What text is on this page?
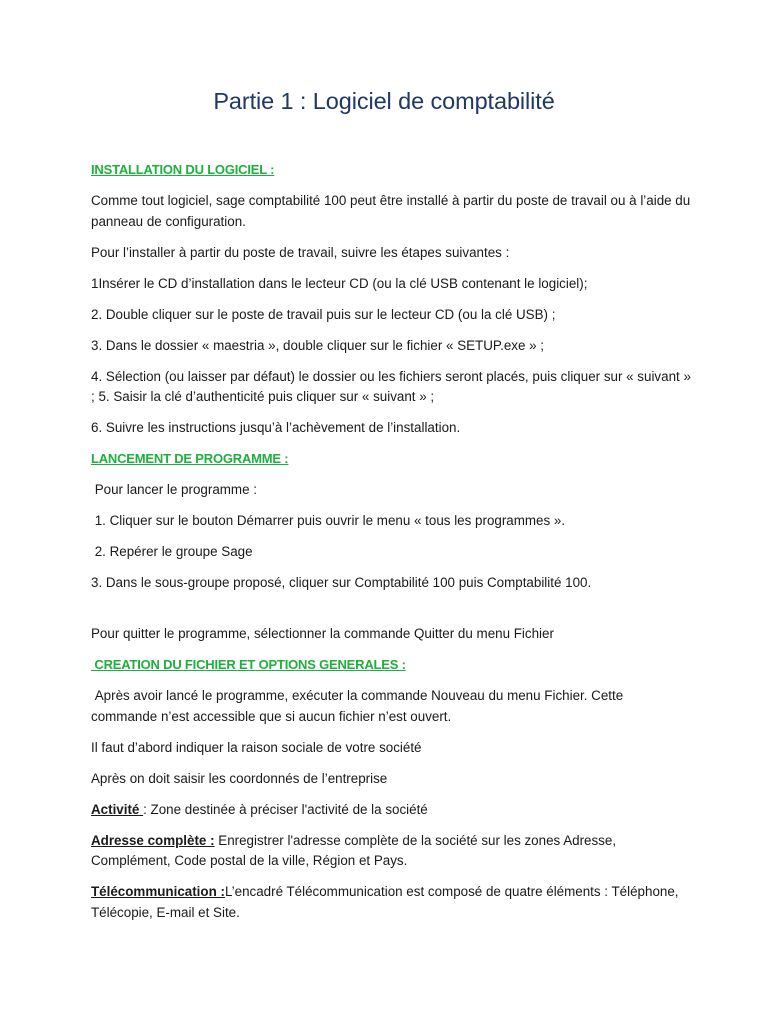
Partie 1 : Logiciel de comptabilité

INSTALLATION DU LOGICIEL :

Comme tout logiciel, sage comptabilité 100 peut être installé à partir du poste de travail ou à l’aide du panneau de configuration.

Pour l’installer à partir du poste de travail, suivre les étapes suivantes :

1Insérer le CD d’installation dans le lecteur CD (ou la clé USB contenant le logiciel);

2. Double cliquer sur le poste de travail puis sur le lecteur CD (ou la clé USB) ;

3. Dans le dossier « maestria », double cliquer sur le fichier « SETUP.exe » ;

4. Sélection (ou laisser par défaut) le dossier ou les fichiers seront placés, puis cliquer sur « suivant » ; 5. Saisir la clé d’authenticité puis cliquer sur « suivant » ;

6. Suivre les instructions jusqu’à l’achèvement de l’installation.

LANCEMENT DE PROGRAMME :

Pour lancer le programme :

1. Cliquer sur le bouton Démarrer puis ouvrir le menu « tous les programmes ».

2. Repérer le groupe Sage

3. Dans le sous-groupe proposé, cliquer sur Comptabilité 100 puis Comptabilité 100.

Pour quitter le programme, sélectionner la commande Quitter du menu Fichier

CREATION DU FICHIER ET OPTIONS GENERALES :

Après avoir lancé le programme, exécuter la commande Nouveau du menu Fichier. Cette commande n’est accessible que si aucun fichier n’est ouvert.

Il faut d’abord indiquer la raison sociale de votre société

Après on doit saisir les coordonnés de l’entreprise

Activité : Zone destinée à préciser l'activité de la société

Adresse complète : Enregistrer l'adresse complète de la société sur les zones Adresse, Complément, Code postal de la ville, Région et Pays.

Télécommunication :L’encadré Télécommunication est composé de quatre éléments : Téléphone, Télécopie, E-mail et Site.
